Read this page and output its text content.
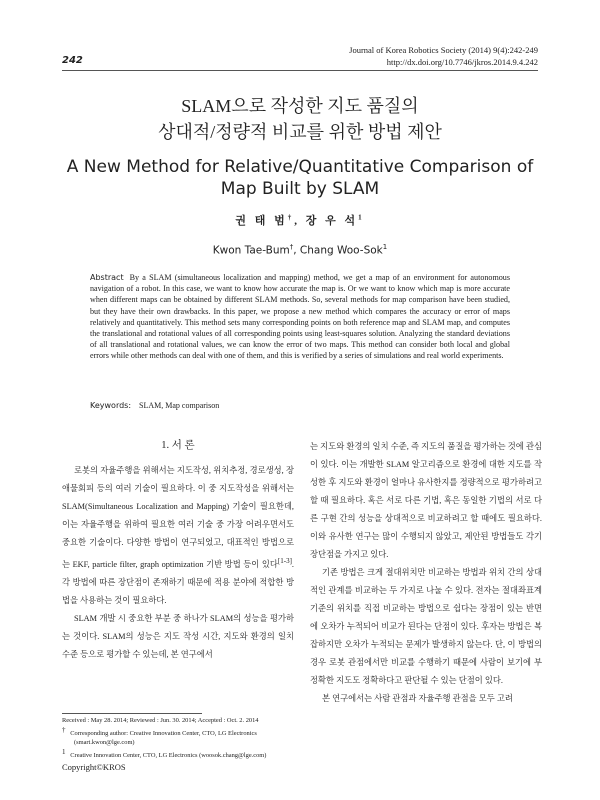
242
Journal of Korea Robotics Society (2014) 9(4):242-249
http://dx.doi.org/10.7746/jkros.2014.9.4.242
SLAM으로 작성한 지도 품질의
상대적/정량적 비교를 위한 방법 제안
A New Method for Relative/Quantitative Comparison of
Map Built by SLAM
권 태 범†, 장 우 석$^1$
Kwon Tae-Bum†, Chang Woo-Sok$^1$
Abstract By a SLAM (simultaneous localization and mapping) method, we get a map of an environment for autonomous navigation of a robot. In this case, we want to know how accurate the map is. Or we want to know which map is more accurate when different maps can be obtained by different SLAM methods. So, several methods for map comparison have been studied, but they have their own drawbacks. In this paper, we propose a new method which compares the accuracy or error of maps relatively and quantitatively. This method sets many corresponding points on both reference map and SLAM map, and computes the translational and rotational values of all corresponding points using least-squares solution. Analyzing the standard deviations of all translational and rotational values, we can know the error of two maps. This method can consider both local and global errors while other methods can deal with one of them, and this is verified by a series of simulations and real world experiments.
Keywords: SLAM, Map comparison
1. 서 론

로봇의 자율주행을 위해서는 지도작성, 위치추정, 경로생성, 장애물회피 등의 여러 기술이 필요하다. 이 중 지도작성을 위해서는 SLAM(Simultaneous Localization and Mapping) 기술이 필요한데, 이는 자율주행을 위하여 필요한 여러 기술 중 가장 어려우면서도 중요한 기술이다. 다양한 방법이 연구되었고, 대표적인 방법으로는 EKF, particle filter, graph optimization 기반 방법 등이 있다[1-3]. 각 방법에 따른 장단점이 존재하기 때문에 적용 분야에 적합한 방법을 사용하는 것이 필요하다.

SLAM 개발 시 중요한 부분 중 하나가 SLAM의 성능을 평가하는 것이다. SLAM의 성능은 지도 작성 시간, 지도와 환경의 일치 수준 등으로 평가할 수 있는데, 본 연구에서

는 지도와 환경의 일치 수준, 즉 지도의 품질을 평가하는 것에 관심이 있다. 이는 개발한 SLAM 알고리즘으로 환경에 대한 지도를 작성한 후 지도와 환경이 얼마나 유사한지를 정량적으로 평가하려고 할 때 필요하다. 혹은 서로 다른 기법, 혹은 동일한 기법의 서로 다른 구현 간의 성능을 상대적으로 비교하려고 할 때에도 필요하다. 이와 유사한 연구는 많이 수행되지 않았고, 제안된 방법들도 각기 장단점을 가지고 있다.

기존 방법은 크게 절대위치만 비교하는 방법과 위치 간의 상대적인 관계를 비교하는 두 가지로 나눌 수 있다. 전자는 절대좌표계 기준의 위치를 직접 비교하는 방법으로 쉽다는 장점이 있는 반면에 오차가 누적되어 비교가 된다는 단점이 있다. 후자는 방법은 복잡하지만 오차가 누적되는 문제가 발생하지 않는다. 단, 이 방법의 경우 로봇 관점에서만 비교를 수행하기 때문에 사람이 보기에 부정확한 지도도 정확하다고 판단될 수 있는 단점이 있다.

본 연구에서는 사람 관점과 자율주행 관점을 모두 고려

Received : May 28. 2014; Reviewed : Jun. 30. 2014; Accepted : Oct. 2. 2014
† Corresponding author: Creative Innovation Center, CTO, LG Electronics
(smart.kwon@lge.com)
$^1$ Creative Innovation Center, CTO, LG Electronics (woosok.chang@lge.com)
Copyright©KROS
